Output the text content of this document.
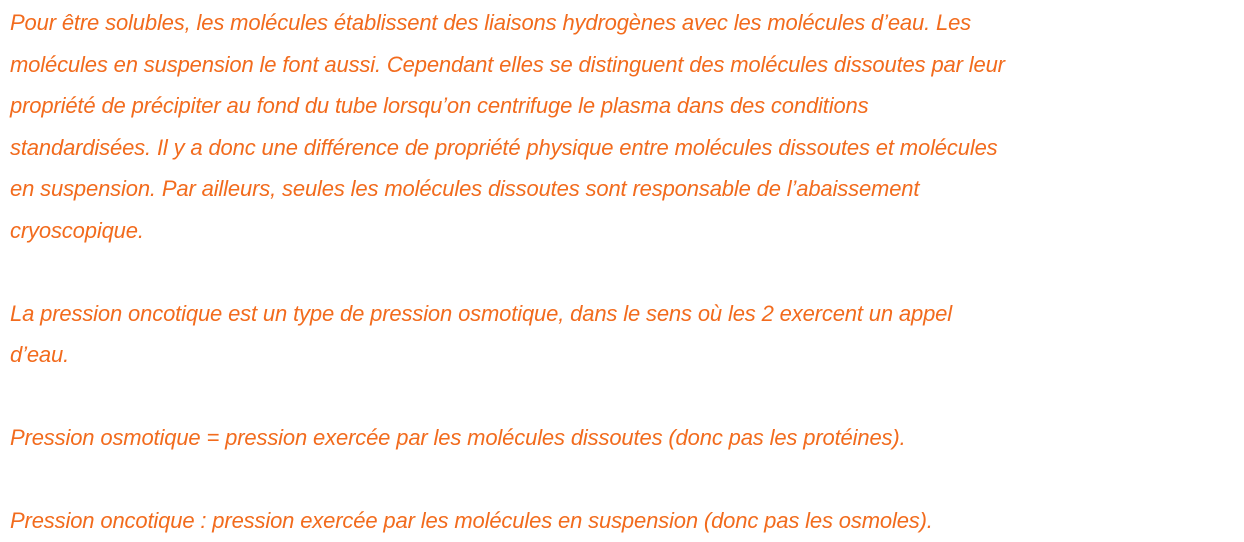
Pour être solubles, les molécules établissent des liaisons hydrogènes avec les molécules d’eau. Les
molécules en suspension le font aussi. Cependant elles se distinguent des molécules dissoutes par leur
propriété de précipiter au fond du tube lorsqu’on centrifuge le plasma dans des conditions
standardisées. Il y a donc une différence de propriété physique entre molécules dissoutes et molécules
en suspension. Par ailleurs, seules les molécules dissoutes sont responsable de l’abaissement
cryoscopique.

La pression oncotique est un type de pression osmotique, dans le sens où les 2 exercent un appel
d’eau.

Pression osmotique = pression exercée par les molécules dissoutes (donc pas les protéines).

Pression oncotique : pression exercée par les molécules en suspension (donc pas les osmoles).
